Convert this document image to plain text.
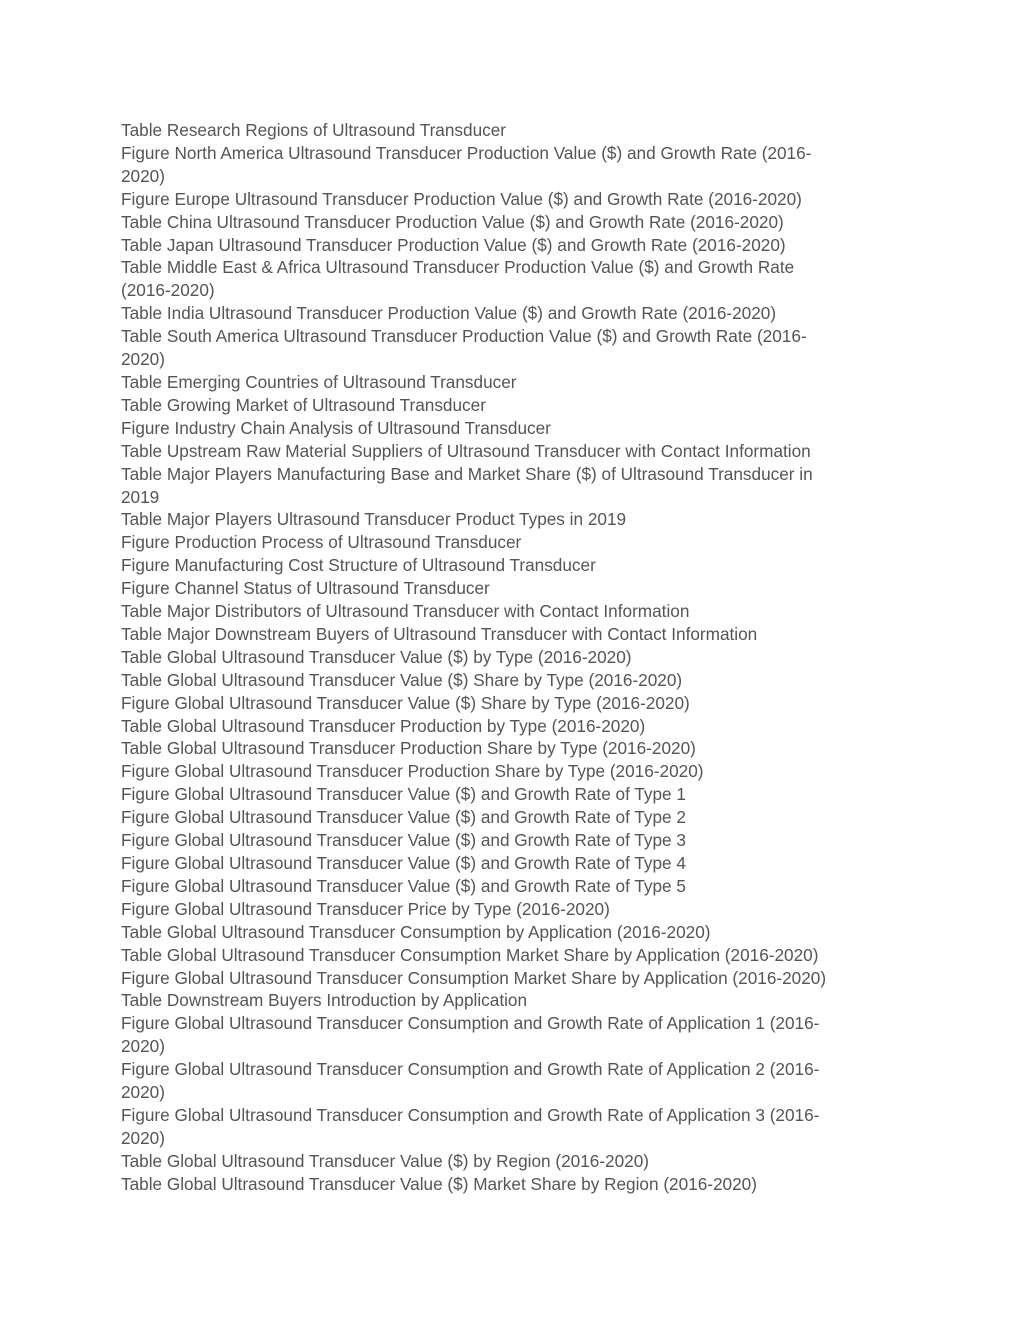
Table Research Regions of Ultrasound Transducer
Figure North America Ultrasound Transducer Production Value ($) and Growth Rate (2016-
2020)
Figure Europe Ultrasound Transducer Production Value ($) and Growth Rate (2016-2020)
Table China Ultrasound Transducer Production Value ($) and Growth Rate (2016-2020)
Table Japan Ultrasound Transducer Production Value ($) and Growth Rate (2016-2020)
Table Middle East & Africa Ultrasound Transducer Production Value ($) and Growth Rate
(2016-2020)
Table India Ultrasound Transducer Production Value ($) and Growth Rate (2016-2020)
Table South America Ultrasound Transducer Production Value ($) and Growth Rate (2016-
2020)
Table Emerging Countries of Ultrasound Transducer
Table Growing Market of Ultrasound Transducer
Figure Industry Chain Analysis of Ultrasound Transducer
Table Upstream Raw Material Suppliers of Ultrasound Transducer with Contact Information
Table Major Players Manufacturing Base and Market Share ($) of Ultrasound Transducer in
2019
Table Major Players Ultrasound Transducer Product Types in 2019
Figure Production Process of Ultrasound Transducer
Figure Manufacturing Cost Structure of Ultrasound Transducer
Figure Channel Status of Ultrasound Transducer
Table Major Distributors of Ultrasound Transducer with Contact Information
Table Major Downstream Buyers of Ultrasound Transducer with Contact Information
Table Global Ultrasound Transducer Value ($) by Type (2016-2020)
Table Global Ultrasound Transducer Value ($) Share by Type (2016-2020)
Figure Global Ultrasound Transducer Value ($) Share by Type (2016-2020)
Table Global Ultrasound Transducer Production by Type (2016-2020)
Table Global Ultrasound Transducer Production Share by Type (2016-2020)
Figure Global Ultrasound Transducer Production Share by Type (2016-2020)
Figure Global Ultrasound Transducer Value ($) and Growth Rate of Type 1
Figure Global Ultrasound Transducer Value ($) and Growth Rate of Type 2
Figure Global Ultrasound Transducer Value ($) and Growth Rate of Type 3
Figure Global Ultrasound Transducer Value ($) and Growth Rate of Type 4
Figure Global Ultrasound Transducer Value ($) and Growth Rate of Type 5
Figure Global Ultrasound Transducer Price by Type (2016-2020)
Table Global Ultrasound Transducer Consumption by Application (2016-2020)
Table Global Ultrasound Transducer Consumption Market Share by Application (2016-2020)
Figure Global Ultrasound Transducer Consumption Market Share by Application (2016-2020)
Table Downstream Buyers Introduction by Application
Figure Global Ultrasound Transducer Consumption and Growth Rate of Application 1 (2016-
2020)
Figure Global Ultrasound Transducer Consumption and Growth Rate of Application 2 (2016-
2020)
Figure Global Ultrasound Transducer Consumption and Growth Rate of Application 3 (2016-
2020)
Table Global Ultrasound Transducer Value ($) by Region (2016-2020)
Table Global Ultrasound Transducer Value ($) Market Share by Region (2016-2020)
